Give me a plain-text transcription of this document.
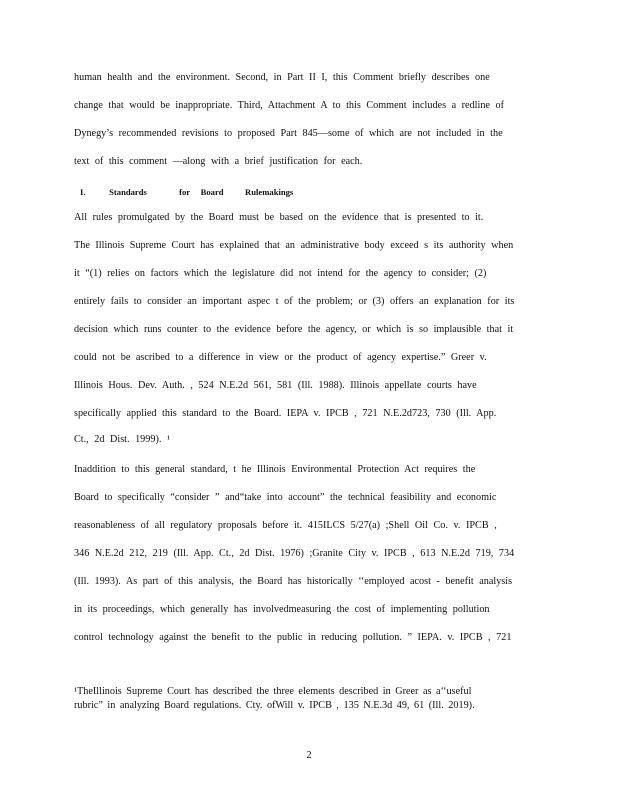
human health and the environment. Second, in Part II I, this Comment briefly describes one
change that would be inappropriate. Third, Attachment A to this Comment includes a redline of
Dynegy’s recommended revisions to proposed Part 845—some of which are not included in the
text of this comment —along with a brief justification for each.
I.           Standards               for     Board          Rulemakings
All rules promulgated by the Board must be based on the evidence that is presented to it.
The Illinois Supreme Court has explained that an administrative body exceed s its authority when
it “(1) relies on factors which the legislature did not intend for the agency to consider; (2)
entirely fails to consider an important aspec t of the problem; or (3) offers an explanation for its
decision which runs counter to the evidence before the agency, or which is so implausible that it
could not be ascribed to a difference in view or the product of agency expertise.” Greer v.
Illinois Hous. Dev. Auth. , 524 N.E.2d 561, 581 (Ill. 1988). Illinois appellate courts have
specifically applied this standard to the Board. IEPA v. IPCB , 721 N.E.2d723, 730 (Ill. App.
Ct., 2d Dist. 1999). ¹
Inaddition to this general standard, t he Illinois Environmental Protection Act requires the
Board to specifically “consider ” and“take into account” the technical feasibility and economic
reasonableness of all regulatory proposals before it. 415ILCS 5/27(a) ;Shell Oil Co. v. IPCB ,
346 N.E.2d 212, 219 (Ill. App. Ct., 2d Dist. 1976) ;Granite City v. IPCB , 613 N.E.2d 719, 734
(Ill. 1993). As part of this analysis, the Board has historically ‘‘employed acost - benefit analysis
in its proceedings, which generally has involvedmeasuring the cost of implementing pollution
control technology against the benefit to the public in reducing pollution. ” IEPA. v. IPCB , 721
¹TheIllinois Supreme Court has described the three elements described in Greer as a‘‘useful
rubric” in analyzing Board regulations. Cty. ofWill v. IPCB , 135 N.E.3d 49, 61 (Ill. 2019).
2
